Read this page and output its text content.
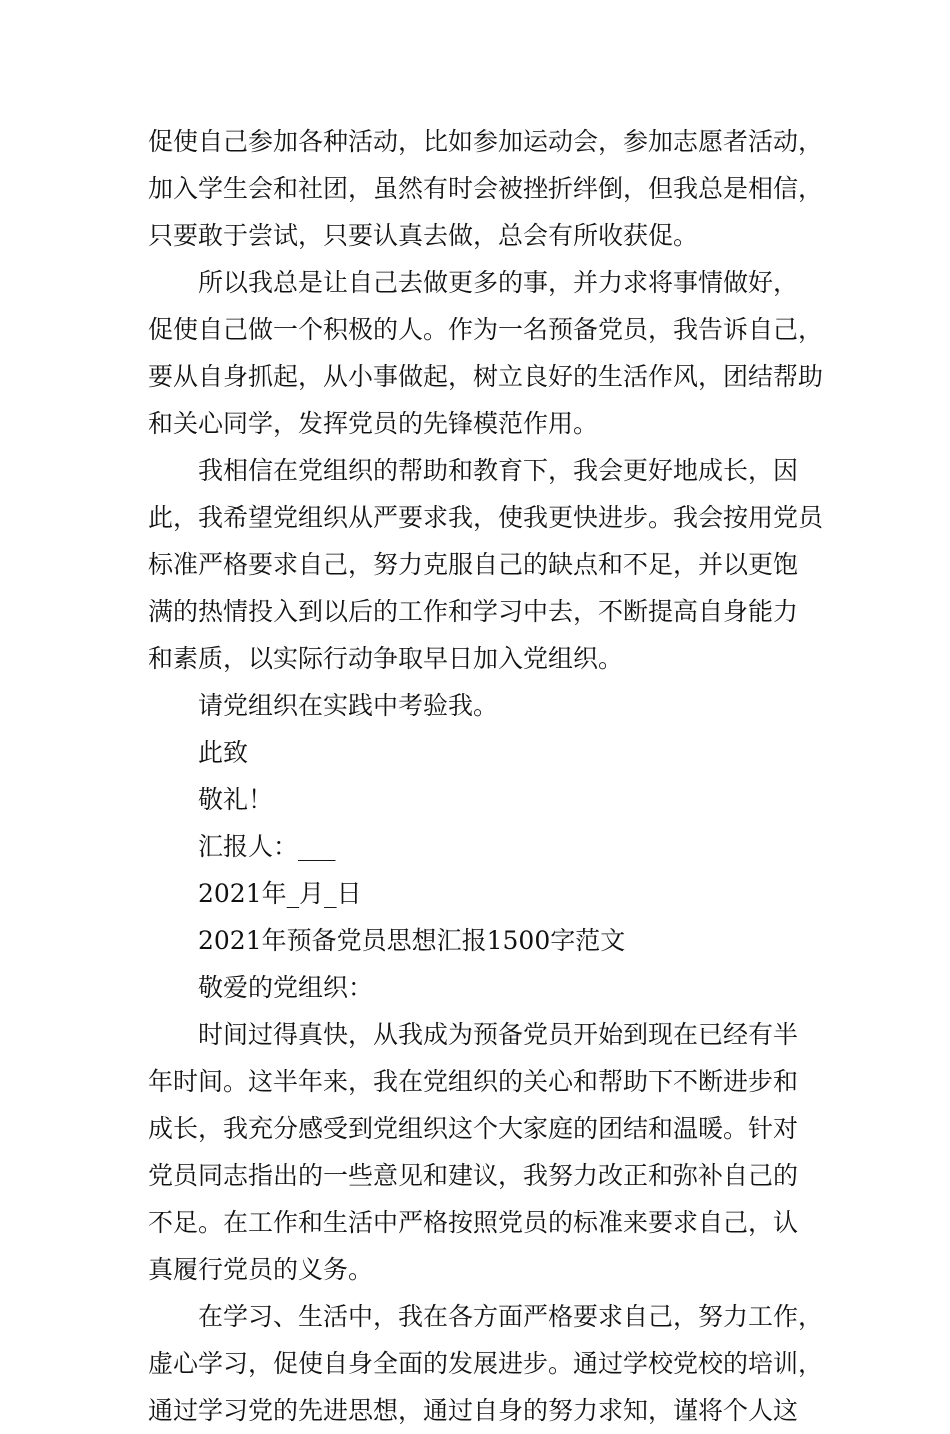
促使自己参加各种活动，比如参加运动会，参加志愿者活动，
加入学生会和社团，虽然有时会被挫折绊倒，但我总是相信，
只要敢于尝试，只要认真去做，总会有所收获促。
所以我总是让自己去做更多的事，并力求将事情做好，
促使自己做一个积极的人。作为一名预备党员，我告诉自己，
要从自身抓起，从小事做起，树立良好的生活作风，团结帮助
和关心同学，发挥党员的先锋模范作用。
我相信在党组织的帮助和教育下，我会更好地成长，因
此，我希望党组织从严要求我，使我更快进步。我会按用党员
标准严格要求自己，努力克服自己的缺点和不足，并以更饱
满的热情投入到以后的工作和学习中去，不断提高自身能力
和素质，以实际行动争取早日加入党组织。
请党组织在实践中考验我。
此致
敬礼！
汇报人：___
2021年_月_日
2021年预备党员思想汇报1500字范文
敬爱的党组织：
时间过得真快，从我成为预备党员开始到现在已经有半
年时间。这半年来，我在党组织的关心和帮助下不断进步和
成长，我充分感受到党组织这个大家庭的团结和温暖。针对
党员同志指出的一些意见和建议，我努力改正和弥补自己的
不足。在工作和生活中严格按照党员的标准来要求自己，认
真履行党员的义务。
在学习、生活中，我在各方面严格要求自己，努力工作，
虚心学习，促使自身全面的发展进步。通过学校党校的培训，
通过学习党的先进思想，通过自身的努力求知，谨将个人这
